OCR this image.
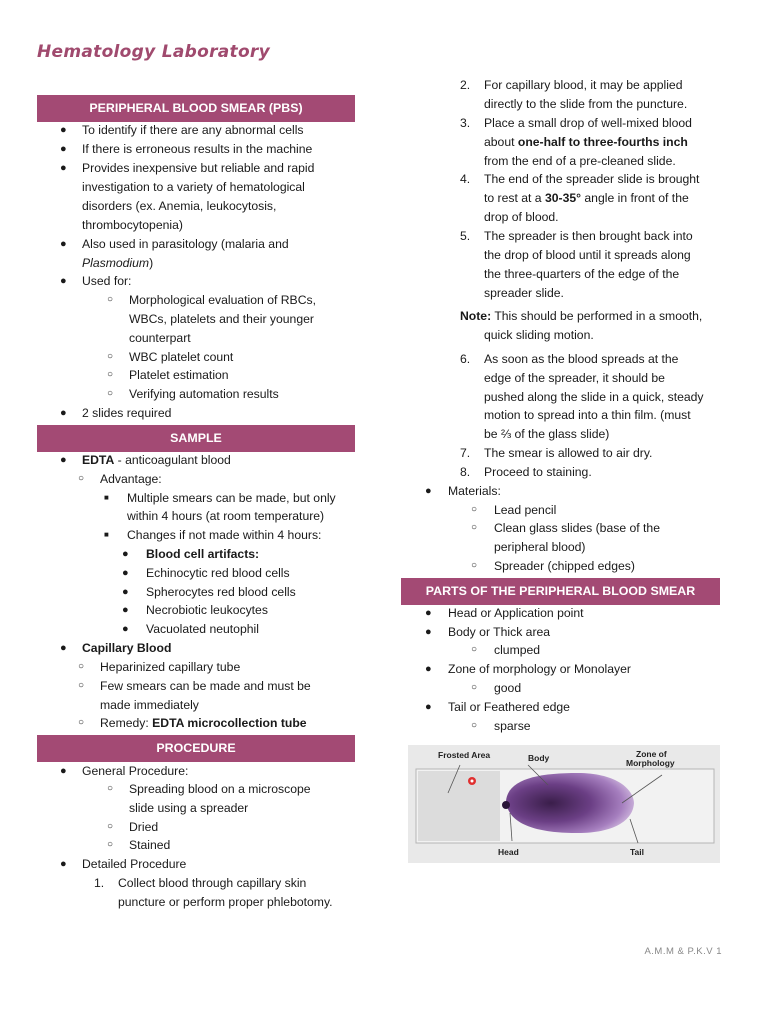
Hematology Laboratory
PERIPHERAL BLOOD SMEAR (PBS)
● To identify if there are any abnormal cells
● If there is erroneous results in the machine
● Provides inexpensive but reliable and rapid
investigation to a variety of hematological
disorders (ex. Anemia, leukocytosis,
thrombocytopenia)
● Also used in parasitology (malaria and
Plasmodium)
● Used for:
○ Morphological evaluation of RBCs,
WBCs, platelets and their younger
counterpart
○ WBC platelet count
○ Platelet estimation
○ Verifying automation results
● 2 slides required
SAMPLE
● EDTA - anticoagulant blood
○ Advantage:
■ Multiple smears can be made, but only
within 4 hours (at room temperature)
■ Changes if not made within 4 hours:
● Blood cell artifacts:
● Echinocytic red blood cells
● Spherocytes red blood cells
● Necrobiotic leukocytes
● Vacuolated neutophil
● Capillary Blood
○ Heparinized capillary tube
○ Few smears can be made and must be
made immediately
○ Remedy: EDTA microcollection tube
PROCEDURE
● General Procedure:
○ Spreading blood on a microscope
slide using a spreader
○ Dried
○ Stained
● Detailed Procedure
1. Collect blood through capillary skin
puncture or perform proper phlebotomy.
2. For capillary blood, it may be applied
directly to the slide from the puncture.
3. Place a small drop of well-mixed blood
about one-half to three-fourths inch
from the end of a pre-cleaned slide.
4. The end of the spreader slide is brought
to rest at a 30-35° angle in front of the
drop of blood.
5. The spreader is then brought back into
the drop of blood until it spreads along
the three-quarters of the edge of the
spreader slide.
Note: This should be performed in a smooth,
quick sliding motion.
6. As soon as the blood spreads at the
edge of the spreader, it should be
pushed along the slide in a quick, steady
motion to spread into a thin film. (must
be ⅔ of the glass slide)
7. The smear is allowed to air dry.
8. Proceed to staining.
● Materials:
○ Lead pencil
○ Clean glass slides (base of the
peripheral blood)
○ Spreader (chipped edges)
PARTS OF THE PERIPHERAL BLOOD SMEAR
● Head or Application point
● Body or Thick area
○ clumped
● Zone of morphology or Monolayer
○ good
● Tail or Feathered edge
○ sparse
Frosted Area	Body	Zone of
Morphology
Head	Tail
A.M.M & P.K.V 1
